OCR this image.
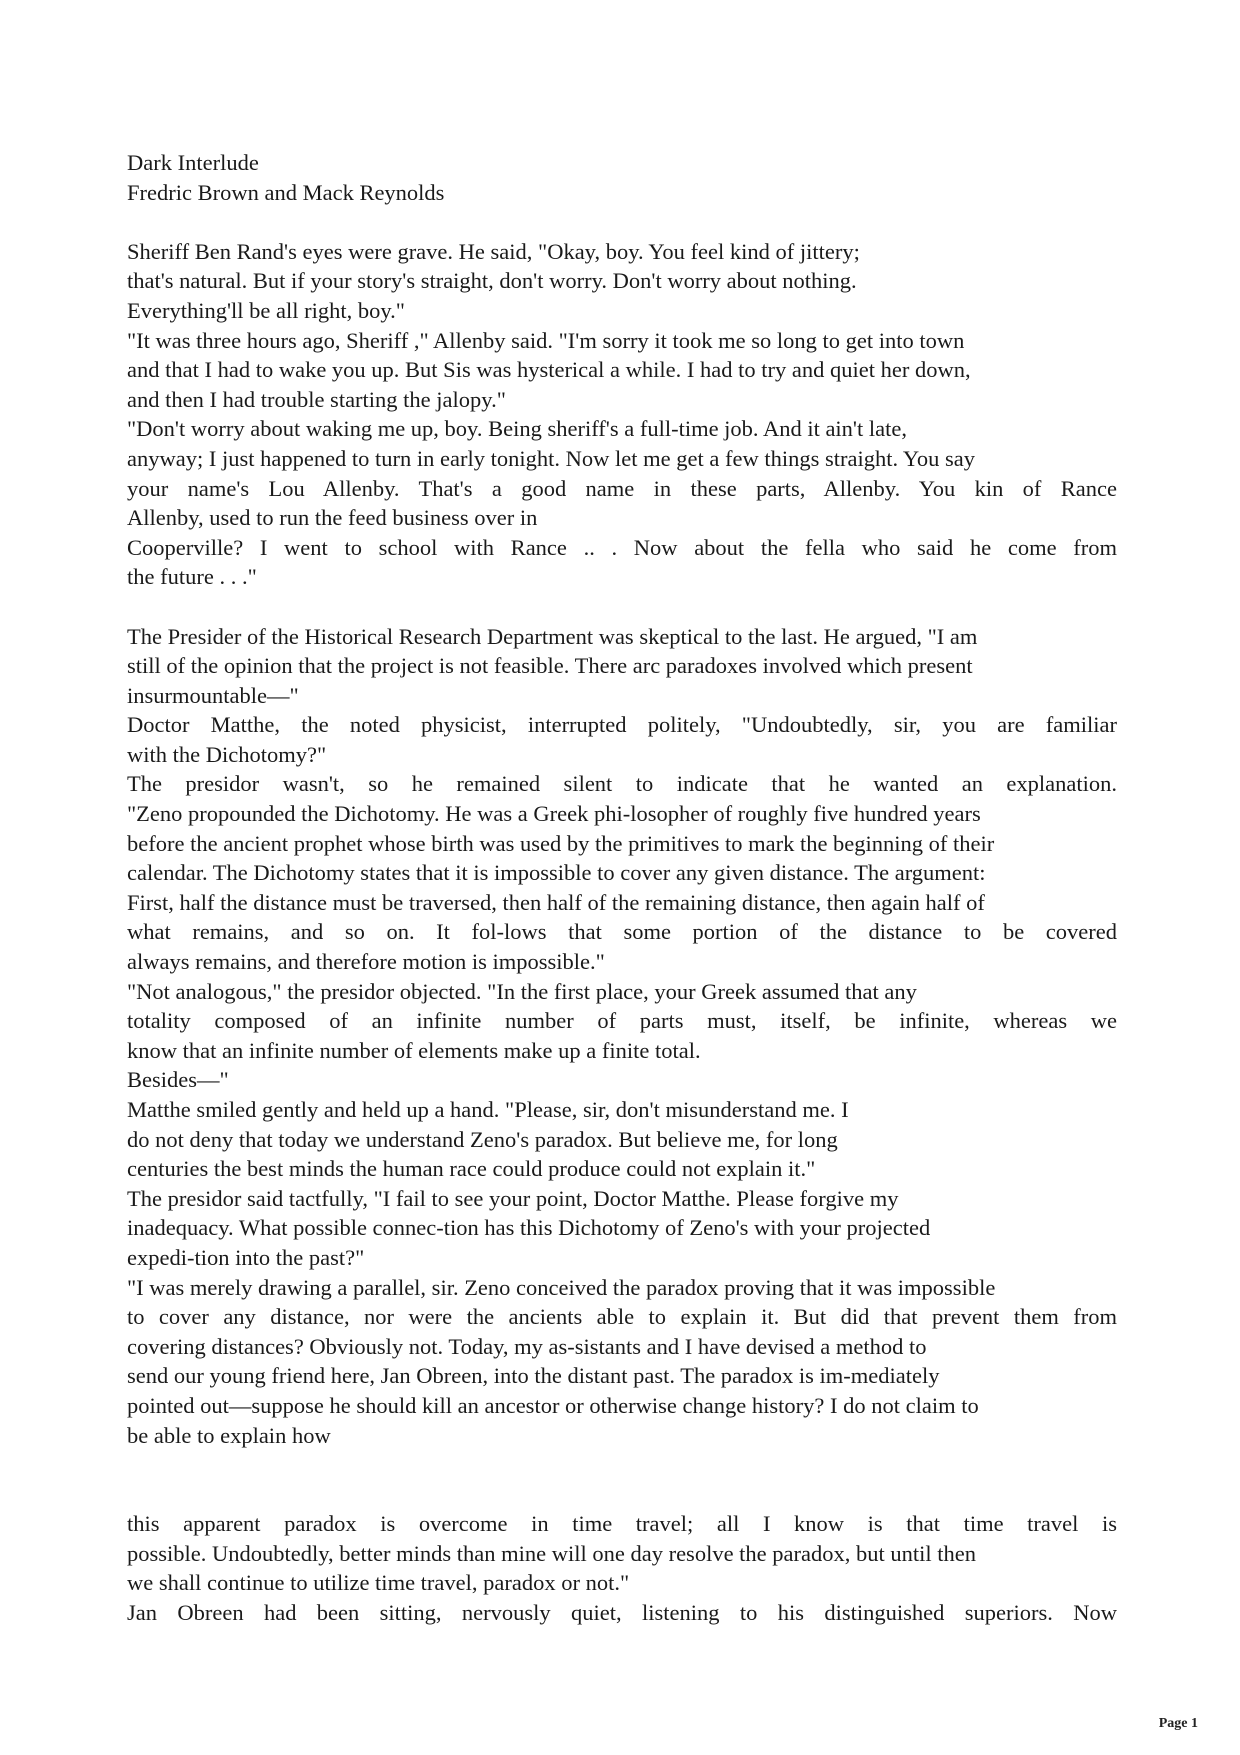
Dark Interlude

Fredric Brown and Mack Reynolds

Sheriff Ben Rand's eyes were grave. He said, "Okay, boy. You feel kind of jittery;

that's natural. But if your story's straight, don't worry. Don't worry about nothing.

Everything'll be all right, boy."

"It was three hours ago, Sheriff ," Allenby said. "I'm sorry it took me so long to get into town

and that I had to wake you up. But Sis was hysterical a while. I had to try and quiet her down,

and then I had trouble starting the jalopy."

"Don't worry about waking me up, boy. Being sheriff's a full-time job. And it ain't late,

anyway; I just happened to turn in early tonight. Now let me get a few things straight. You say

your name's Lou Allenby. That's a good name in these parts, Allenby. You kin of Rance

Allenby, used to run the feed business over in

Cooperville? I went to school with Rance .. . Now about the fella who said he come from

the future . . ."

The Presider of the Historical Research Department was skeptical to the last. He argued, "I am

still of the opinion that the project is not feasible. There arc paradoxes involved which present

insurmountable—"

Doctor Matthe, the noted physicist, interrupted politely, "Undoubtedly, sir, you are familiar

with the Dichotomy?"

The presidor wasn't, so he remained silent to indicate that he wanted an explanation.

"Zeno propounded the Dichotomy. He was a Greek phi-losopher of roughly five hundred years

before the ancient prophet whose birth was used by the primitives to mark the beginning of their

calendar. The Dichotomy states that it is impossible to cover any given distance. The argument:

First, half the distance must be traversed, then half of the remaining distance, then again half of

what remains, and so on. It fol-lows that some portion of the distance to be covered

always remains, and therefore motion is impossible."

"Not analogous," the presidor objected. "In the first place, your Greek assumed that any

totality composed of an infinite number of parts must, itself, be infinite, whereas we

know that an infinite number of elements make up a finite total.

Besides—"

Matthe smiled gently and held up a hand. "Please, sir, don't misunderstand me. I

do not deny that today we understand Zeno's paradox. But believe me, for long

centuries the best minds the human race could produce could not explain it."

The presidor said tactfully, "I fail to see your point, Doctor Matthe. Please forgive my

inadequacy. What possible connec-tion has this Dichotomy of Zeno's with your projected

expedi-tion into the past?"

"I was merely drawing a parallel, sir. Zeno conceived the paradox proving that it was impossible

to cover any distance, nor were the ancients able to explain it. But did that prevent them from

covering distances? Obviously not. Today, my as-sistants and I have devised a method to

send our young friend here, Jan Obreen, into the distant past. The paradox is im-mediately

pointed out—suppose he should kill an ancestor or otherwise change history? I do not claim to

be able to explain how

this apparent paradox is overcome in time travel; all I know is that time travel is

possible. Undoubtedly, better minds than mine will one day resolve the paradox, but until then

we shall continue to utilize time travel, paradox or not."

Jan Obreen had been sitting, nervously quiet, listening to his distinguished superiors. Now

Page 1
